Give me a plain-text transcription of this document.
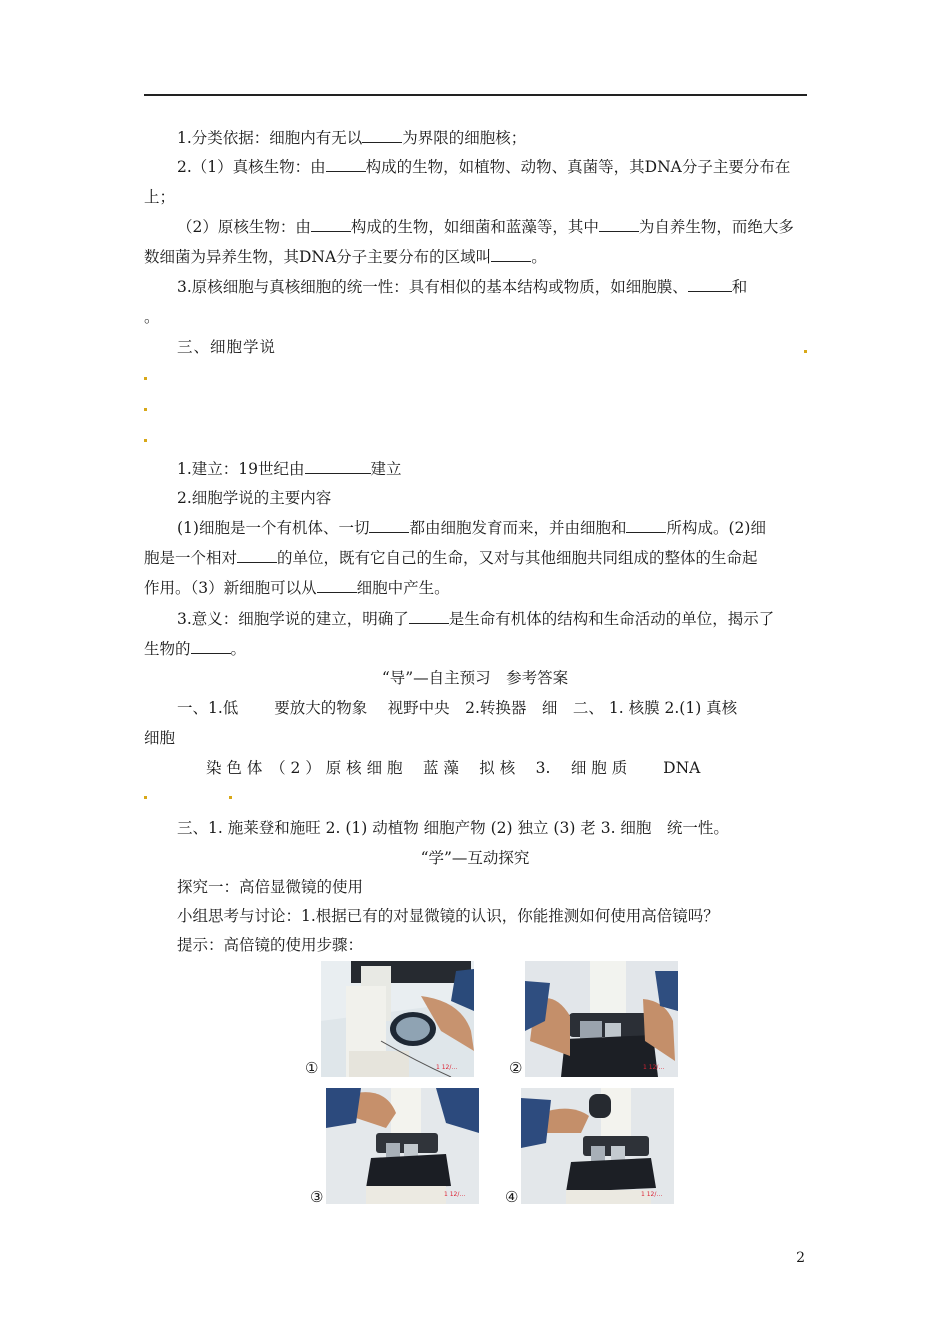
1.分类依据：细胞内有无以	为界限的细胞核；
2.（1）真核生物：由	构成的生物，如植物、动物、真菌等，其DNA分子主要分布在
上；
（2）原核生物：由	构成的生物，如细菌和蓝藻等，其中	为自养生物，而绝大多
数细菌为异养生物，其DNA分子主要分布的区域叫	。
3.原核细胞与真核细胞的统一性：具有相似的基本结构或物质，如细胞膜、	和
。
三、细胞学说
1.建立：19世纪由	建立
2.细胞学说的主要内容
(1)细胞是一个有机体、一切	都由细胞发育而来，并由细胞和	所构成。(2)细
胞是一个相对	的单位，既有它自己的生命，又对与其他细胞共同组成的整体的生命起
作用。（3）新细胞可以从	细胞中产生。
3.意义：细胞学说的建立，明确了	是生命有机体的结构和生命活动的单位，揭示了
生物的	。
“导”—自主预习　参考答案
一、1.低　　 要放大的物象　 视野中央　2.转换器　细　二、 1. 核膜 2.(1) 真核
细胞
染 色 体　（ 2 ） 原 核 细 胞　 蓝 藻　 拟 核　 3.　 细 胞 质　　 DNA
三、1. 施莱登和施旺 2. (1) 动植物 细胞产物 (2) 独立 (3) 老 3. 细胞　统一性。
“学”—互动探究
探究一：高倍显微镜的使用
小组思考与讨论：1.根据已有的对显微镜的认识，你能推测如何使用高倍镜吗？
提示：高倍镜的使用步骤：
1 12/…
①	1 12/…
②
1 12/…
③	1 12/…
④
2
